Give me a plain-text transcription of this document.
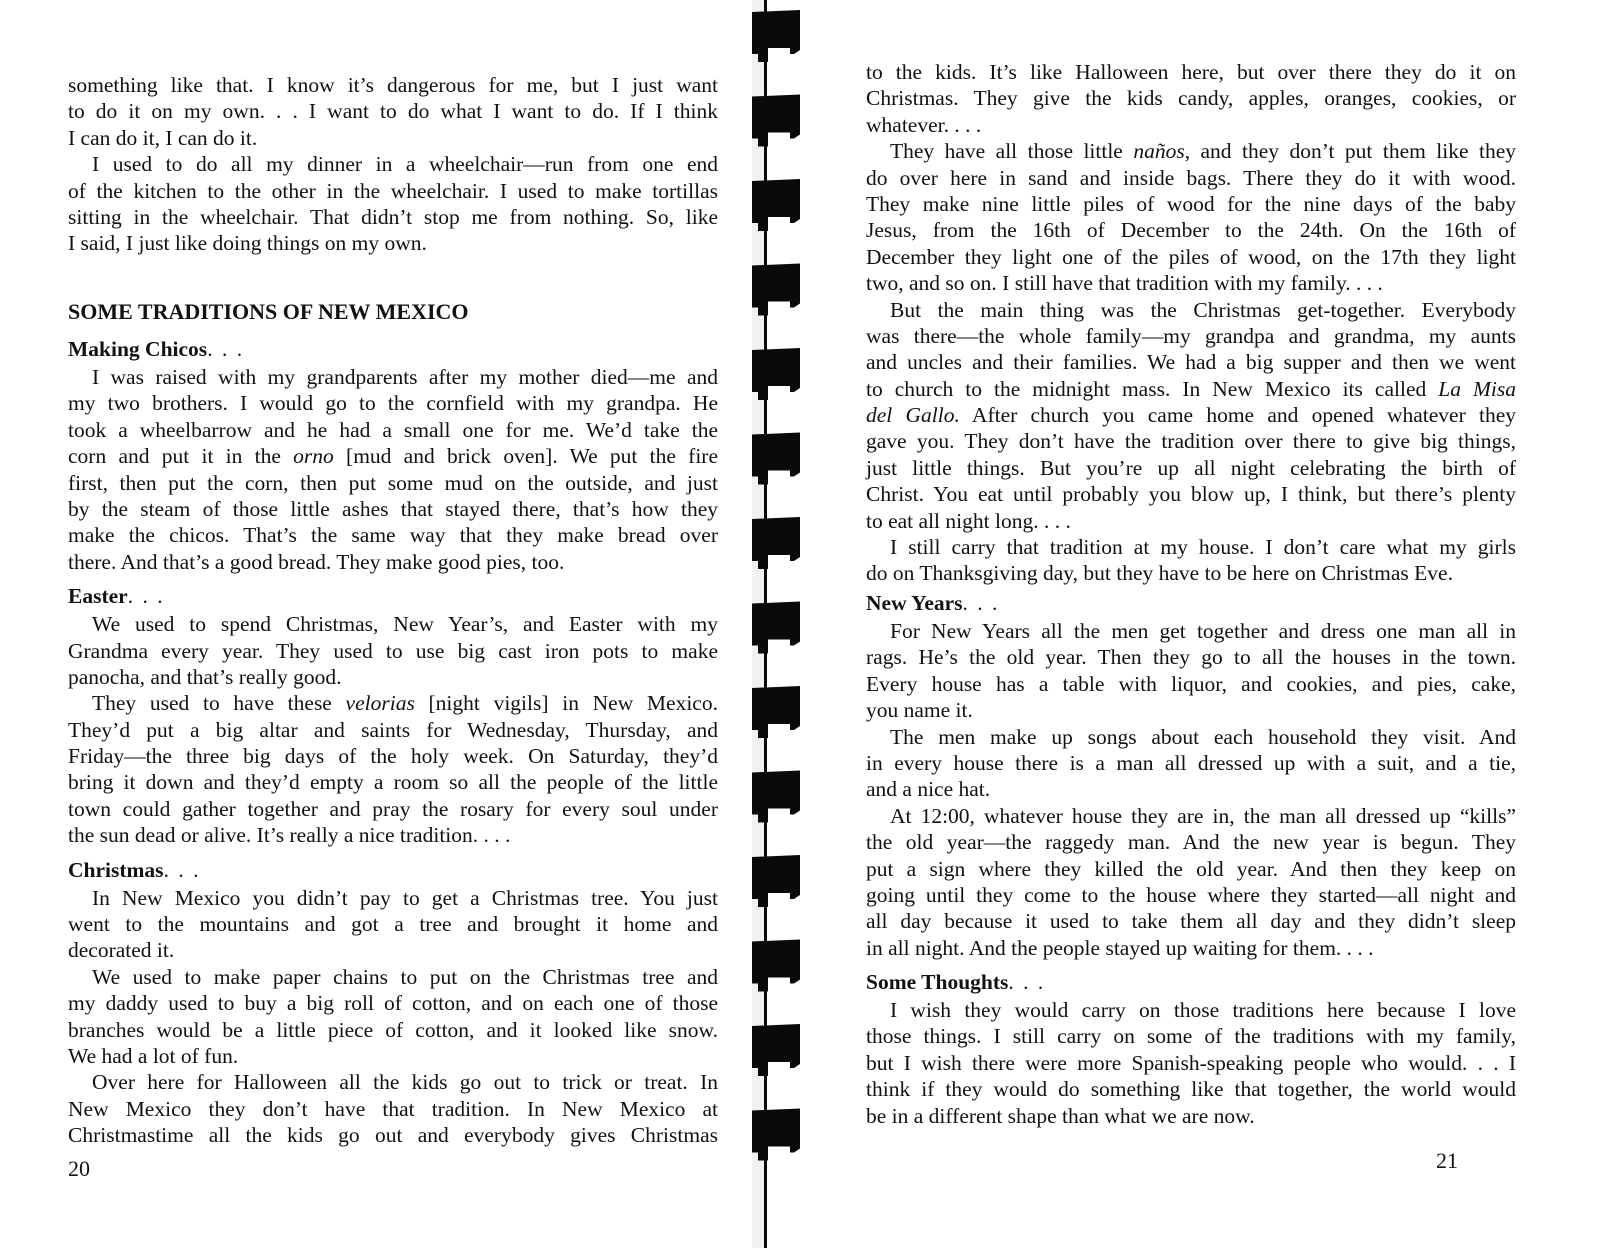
something like that. I know it’s dangerous for me, but I just want
to do it on my own. . . I want to do what I want to do. If I think
I can do it, I can do it.
I used to do all my dinner in a wheelchair—run from one end
of the kitchen to the other in the wheelchair. I used to make tortillas
sitting in the wheelchair. That didn’t stop me from nothing. So, like
I said, I just like doing things on my own.
SOME TRADITIONS OF NEW MEXICO
Making Chicos. . .
I was raised with my grandparents after my mother died—me and
my two brothers. I would go to the cornfield with my grandpa. He
took a wheelbarrow and he had a small one for me. We’d take the
corn and put it in the orno [mud and brick oven]. We put the fire
first, then put the corn, then put some mud on the outside, and just
by the steam of those little ashes that stayed there, that’s how they
make the chicos. That’s the same way that they make bread over
there. And that’s a good bread. They make good pies, too.
Easter. . .
We used to spend Christmas, New Year’s, and Easter with my
Grandma every year. They used to use big cast iron pots to make
panocha, and that’s really good.
They used to have these velorias [night vigils] in New Mexico.
They’d put a big altar and saints for Wednesday, Thursday, and
Friday—the three big days of the holy week. On Saturday, they’d
bring it down and they’d empty a room so all the people of the little
town could gather together and pray the rosary for every soul under
the sun dead or alive. It’s really a nice tradition. . . .
Christmas. . .
In New Mexico you didn’t pay to get a Christmas tree. You just
went to the mountains and got a tree and brought it home and
decorated it.
We used to make paper chains to put on the Christmas tree and
my daddy used to buy a big roll of cotton, and on each one of those
branches would be a little piece of cotton, and it looked like snow.
We had a lot of fun.
Over here for Halloween all the kids go out to trick or treat. In
New Mexico they don’t have that tradition. In New Mexico at
Christmastime all the kids go out and everybody gives Christmas
20
to the kids. It’s like Halloween here, but over there they do it on
Christmas. They give the kids candy, apples, oranges, cookies, or
whatever. . . .
They have all those little naños, and they don’t put them like they
do over here in sand and inside bags. There they do it with wood.
They make nine little piles of wood for the nine days of the baby
Jesus, from the 16th of December to the 24th. On the 16th of
December they light one of the piles of wood, on the 17th they light
two, and so on. I still have that tradition with my family. . . .
But the main thing was the Christmas get-together. Everybody
was there—the whole family—my grandpa and grandma, my aunts
and uncles and their families. We had a big supper and then we went
to church to the midnight mass. In New Mexico its called La Misa
del Gallo. After church you came home and opened whatever they
gave you. They don’t have the tradition over there to give big things,
just little things. But you’re up all night celebrating the birth of
Christ. You eat until probably you blow up, I think, but there’s plenty
to eat all night long. . . .
I still carry that tradition at my house. I don’t care what my girls
do on Thanksgiving day, but they have to be here on Christmas Eve.
New Years. . .
For New Years all the men get together and dress one man all in
rags. He’s the old year. Then they go to all the houses in the town.
Every house has a table with liquor, and cookies, and pies, cake,
you name it.
The men make up songs about each household they visit. And
in every house there is a man all dressed up with a suit, and a tie,
and a nice hat.
At 12:00, whatever house they are in, the man all dressed up “kills”
the old year—the raggedy man. And the new year is begun. They
put a sign where they killed the old year. And then they keep on
going until they come to the house where they started—all night and
all day because it used to take them all day and they didn’t sleep
in all night. And the people stayed up waiting for them. . . .
Some Thoughts. . .
I wish they would carry on those traditions here because I love
those things. I still carry on some of the traditions with my family,
but I wish there were more Spanish-speaking people who would. . . I
think if they would do something like that together, the world would
be in a different shape than what we are now.
21
